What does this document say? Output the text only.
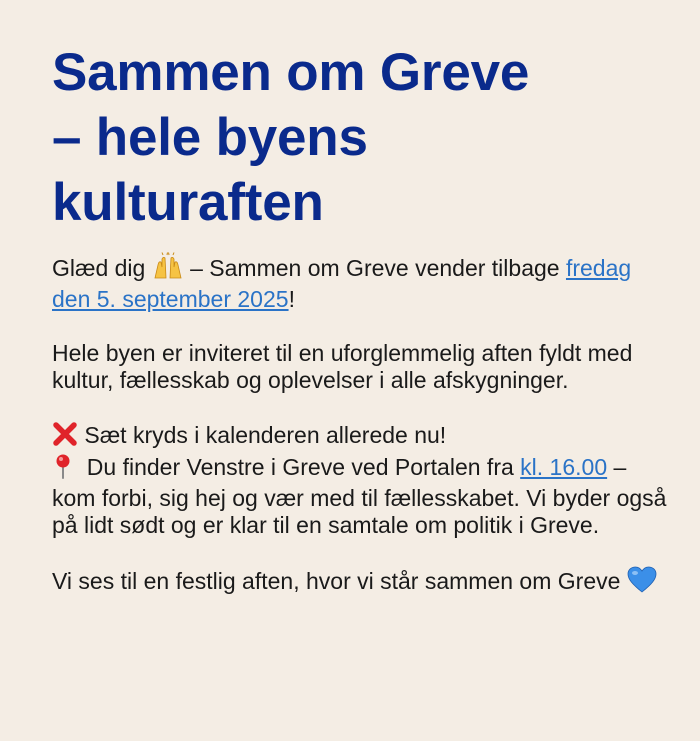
Sammen om Greve
– hele byens
kulturaften

Glæd dig  – Sammen om Greve vender tilbage fredag den 5. september 2025!

Hele byen er inviteret til en uforglemmelig aften fyldt med kultur, fællesskab og oplevelser i alle afskygninger.

Sæt kryds i kalenderen allerede nu!
Du finder Venstre i Greve ved Portalen fra kl. 16.00 – kom forbi, sig hej og vær med til fællesskabet. Vi byder også på lidt sødt og er klar til en samtale om politik i Greve.

Vi ses til en festlig aften, hvor vi står sammen om Greve
